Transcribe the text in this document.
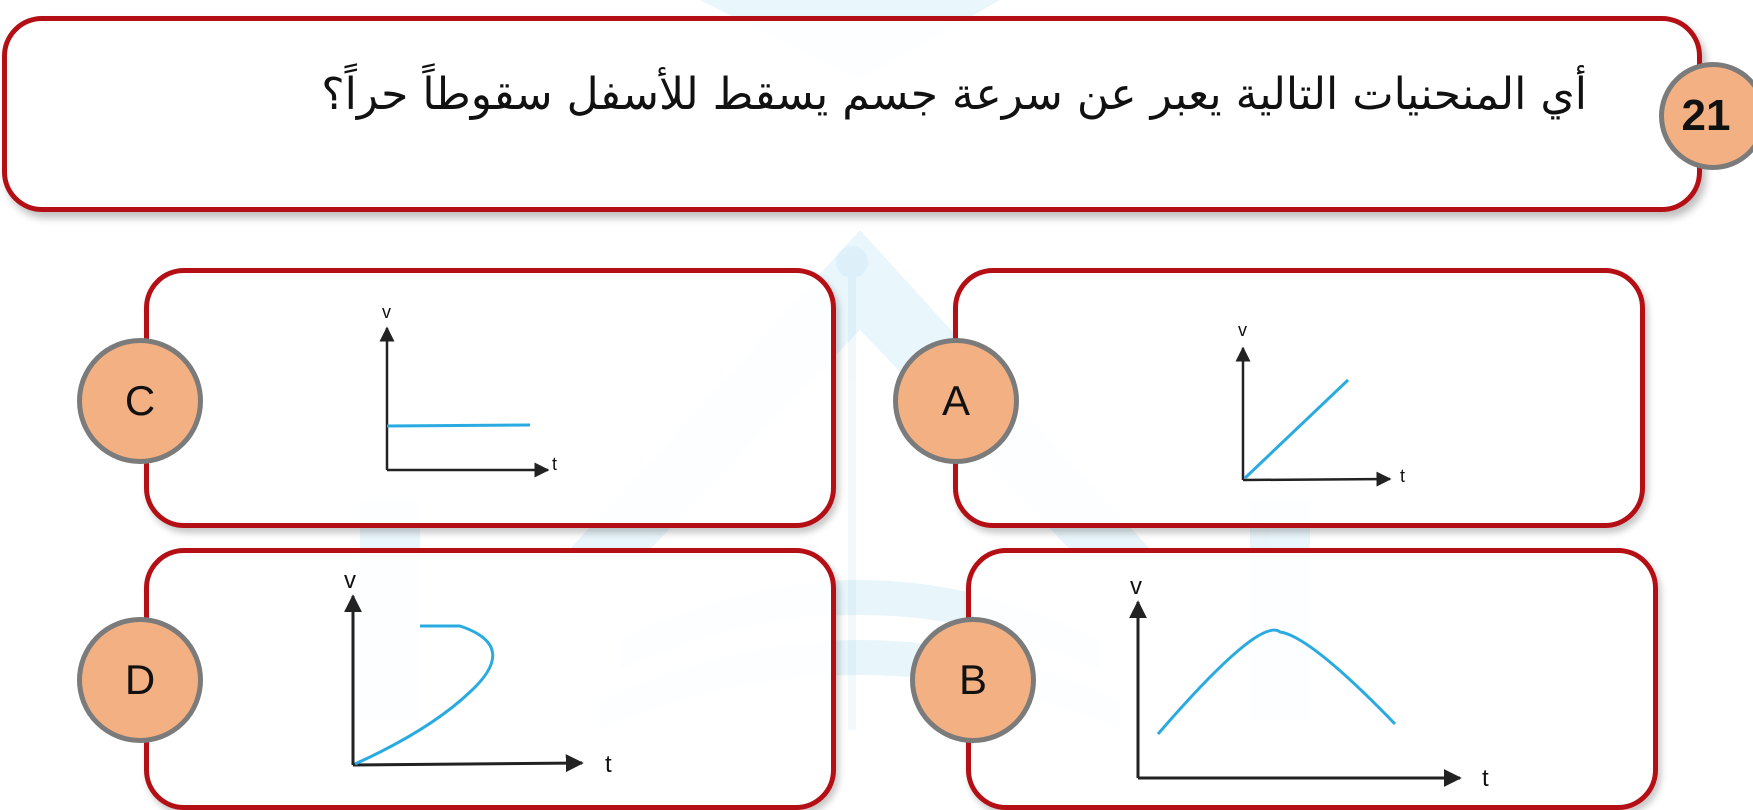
أي المنحنيات التالية يعبر عن سرعة جسم يسقط للأسفل سقوطاً حراً؟ 21
C
v
t
A
v
t
D
v
t
B
v
t
